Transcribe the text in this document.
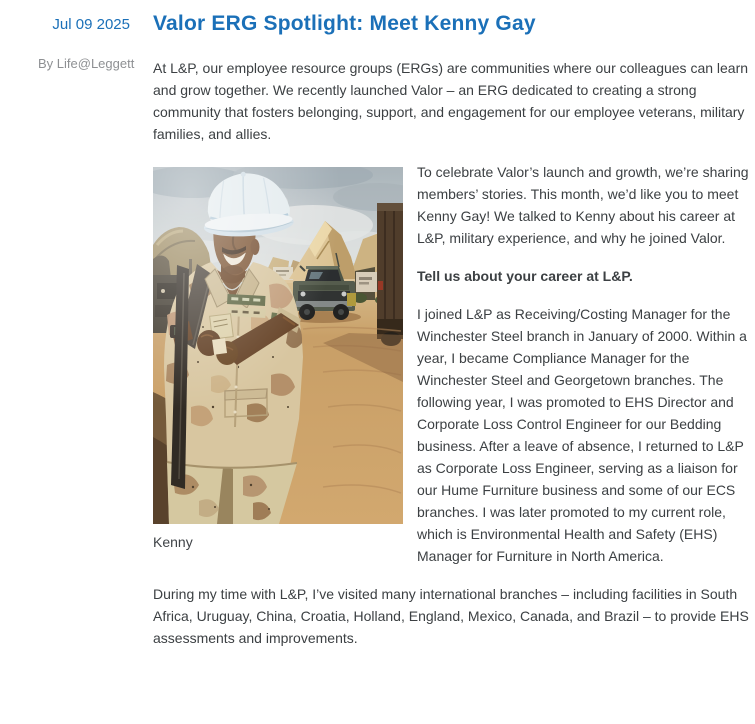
Jul 09 2025
By Life@Leggett
Valor ERG Spotlight: Meet Kenny Gay

At L&P, our employee resource groups (ERGs) are communities where our colleagues can learn and grow together. We recently launched Valor – an ERG dedicated to creating a strong community that fosters belonging, support, and engagement for our employee veterans, military families, and allies.

Kenny

To celebrate Valor’s launch and growth, we’re sharing members’ stories. This month, we’d like you to meet Kenny Gay! We talked to Kenny about his career at L&P, military experience, and why he joined Valor.

Tell us about your career at L&P.

I joined L&P as Receiving/Costing Manager for the Winchester Steel branch in January of 2000. Within a year, I became Compliance Manager for the Winchester Steel and Georgetown branches. The following year, I was promoted to EHS Director and Corporate Loss Control Engineer for our Bedding business. After a leave of absence, I returned to L&P as Corporate Loss Engineer, serving as a liaison for our Hume Furniture business and some of our ECS branches. I was later promoted to my current role, which is Environmental Health and Safety (EHS) Manager for Furniture in North America.

During my time with L&P, I’ve visited many international branches – including facilities in South Africa, Uruguay, China, Croatia, Holland, England, Mexico, Canada, and Brazil – to provide EHS assessments and improvements.
